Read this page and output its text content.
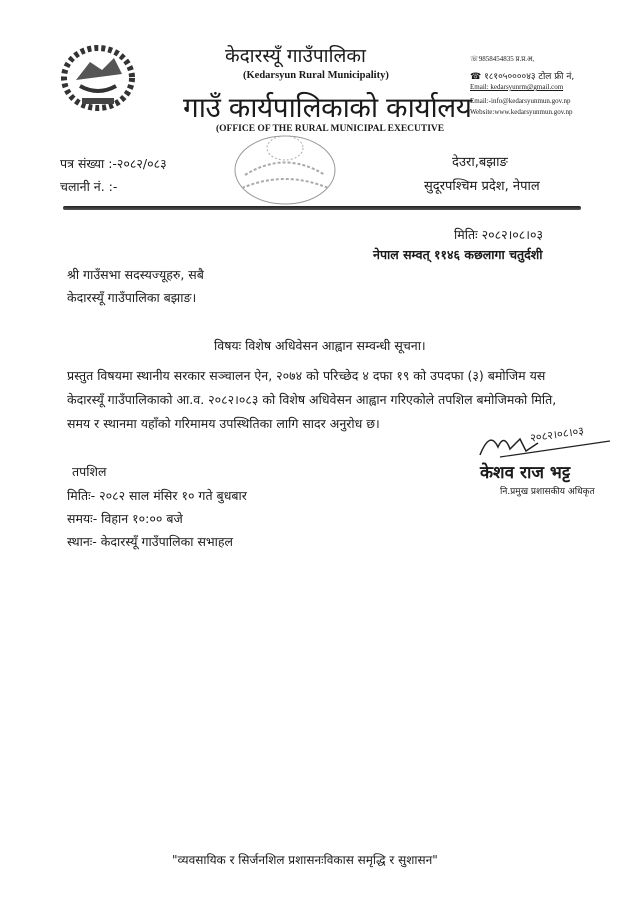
केदारस्यूँ गाउँपालिका
(Kedarsyun Rural Municipality)
गाउँ कार्यपालिकाको कार्यालय
(OFFICE OF THE RURAL MUNICIPAL EXECUTIVE
☏9858454835 प्र.प्र.अ,
☎ १८१०५००००४३ टोल फ्री नं,
Email: kedarsyunrm@gmail.com
Email:-info@kedarsyunmun.gov.np
Website:www.kedarsyunmun.gov.np
पत्र संख्या :-२०८२/०८३
चलानी नं. :-
देउरा,बझाङ
सुदूरपश्चिम प्रदेश, नेपाल
मितिः २०८२।०८।०३
नेपाल सम्वत् ११४६ कछलागा चतुर्दशी
श्री गाउँसभा सदस्यज्यूहरु, सबै
केदारस्यूँ गाउँपालिका बझाङ।
विषयः विशेष अधिवेसन आह्वान सम्वन्धी सूचना।
प्रस्तुत विषयमा स्थानीय सरकार सञ्चालन ऐन, २०७४ को परिच्छेद ४ दफा १९ को उपदफा (३) बमोजिम यस
केदारस्यूँ गाउँपालिकाको आ.व. २०८२।०८३ को विशेष अधिवेसन आह्वान गरिएकोले तपशिल बमोजिमको मिति,
समय र स्थानमा यहाँको गरिमामय उपस्थितिका लागि सादर अनुरोध छ।
२०८२।०८।०३
केशव राज भट्ट
नि.प्रमुख प्रशासकीय अधिकृत
तपशिल
मितिः- २०८२ साल मंसिर १० गते बुधबार
समयः- विहान १०:०० बजे
स्थानः- केदारस्यूँ गाउँपालिका सभाहल
"व्यवसायिक र सिर्जनशिल प्रशासनःविकास समृद्धि र सुशासन"
